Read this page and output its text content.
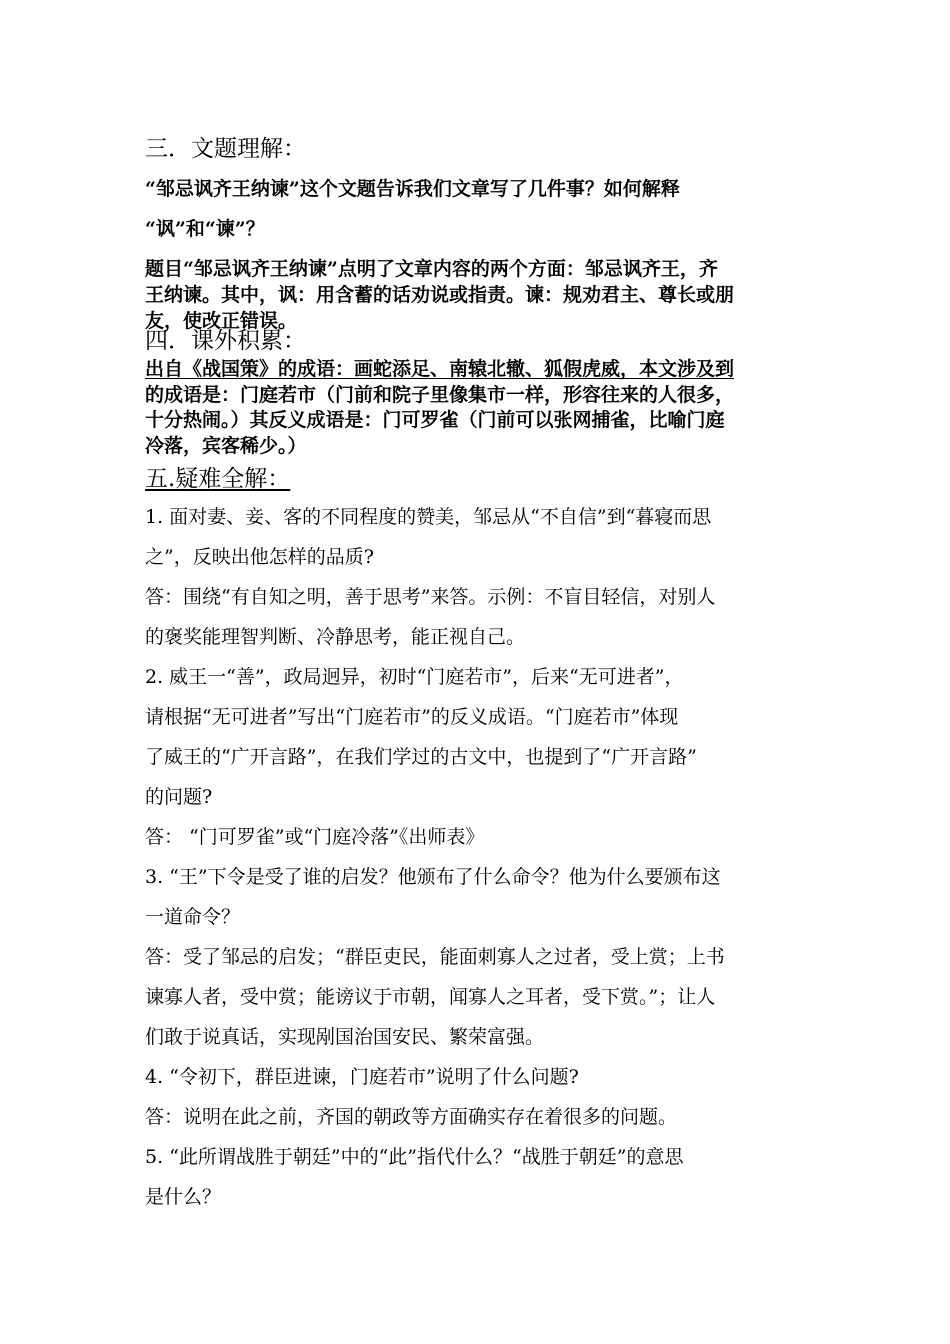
三．文题理解：
“邹忌讽齐王纳谏”这个文题告诉我们文章写了几件事？如何解释
“讽”和“谏”？
题目“邹忌讽齐王纳谏”点明了文章内容的两个方面：邹忌讽齐王，齐
王纳谏。其中，讽：用含蓄的话劝说或指责。谏：规劝君主、尊长或朋
友，使改正错误。
四．课外积累：
出自《战国策》的成语：画蛇添足、南辕北辙、狐假虎威，本文涉及到
的成语是：门庭若市（门前和院子里像集市一样，形容往来的人很多，
十分热闹。）其反义成语是：门可罗雀（门前可以张网捕雀，比喻门庭
冷落，宾客稀少。）
五.疑难全解：
1. 面对妻、妾、客的不同程度的赞美，邹忌从“不自信”到“暮寝而思
之”，反映出他怎样的品质?
答：围绕“有自知之明，善于思考”来答。示例：不盲目轻信，对别人
的褒奖能理智判断、冷静思考，能正视自己。
2. 威王一“善”，政局迥异，初时“门庭若市”，后来“无可进者”，
请根据“无可进者”写出“门庭若市”的反义成语。“门庭若市”体现
了威王的“广开言路”，在我们学过的古文中，也提到了“广开言路”
的问题?
答： “门可罗雀”或“门庭冷落”《出师表》
3. “王”下令是受了谁的启发？他颁布了什么命令？他为什么要颁布这
一道命令？
答：受了邹忌的启发；“群臣吏民，能面刺寡人之过者，受上赏；上书
谏寡人者，受中赏；能谤议于市朝，闻寡人之耳者，受下赏。”；让人
们敢于说真话，实现剐国治国安民、繁荣富强。
4. “令初下，群臣进谏，门庭若市”说明了什么问题?
答：说明在此之前，齐国的朝政等方面确实存在着很多的问题。
5. “此所谓战胜于朝廷”中的“此”指代什么？“战胜于朝廷”的意思
是什么？
